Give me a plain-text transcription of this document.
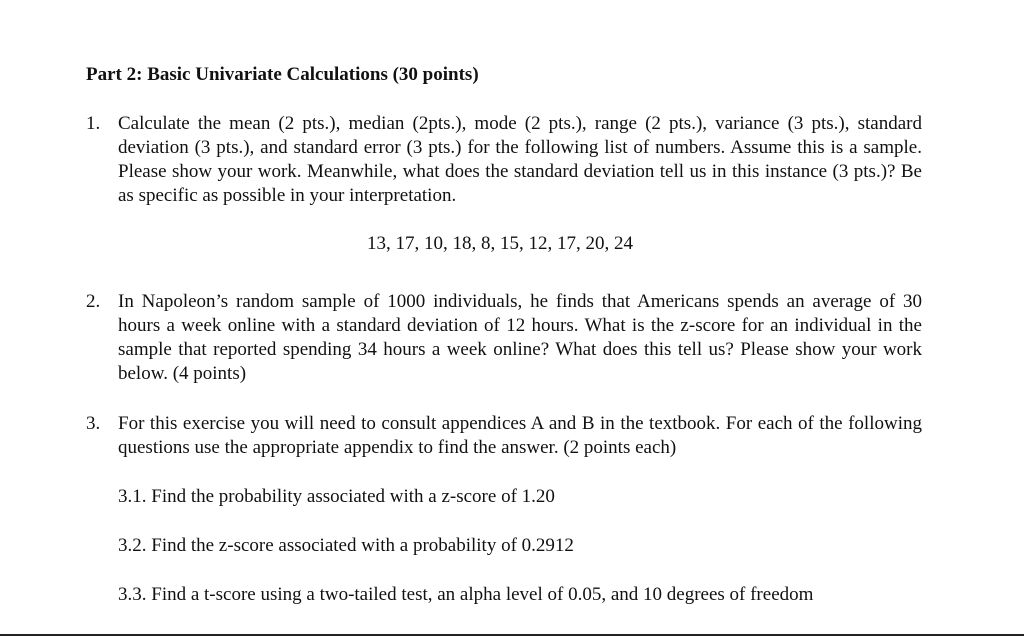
Part 2: Basic Univariate Calculations (30 points)
1. Calculate the mean (2 pts.), median (2pts.), mode (2 pts.), range (2 pts.), variance (3 pts.), standard deviation (3 pts.), and standard error (3 pts.) for the following list of numbers. Assume this is a sample. Please show your work. Meanwhile, what does the standard deviation tell us in this instance (3 pts.)? Be as specific as possible in your interpretation.
13, 17, 10, 18, 8, 15, 12, 17, 20, 24
2. In Napoleon’s random sample of 1000 individuals, he finds that Americans spends an average of 30 hours a week online with a standard deviation of 12 hours. What is the z-score for an individual in the sample that reported spending 34 hours a week online? What does this tell us? Please show your work below. (4 points)
3. For this exercise you will need to consult appendices A and B in the textbook. For each of the following questions use the appropriate appendix to find the answer. (2 points each)
3.1. Find the probability associated with a z-score of 1.20
3.2. Find the z-score associated with a probability of 0.2912
3.3. Find a t-score using a two-tailed test, an alpha level of 0.05, and 10 degrees of freedom
